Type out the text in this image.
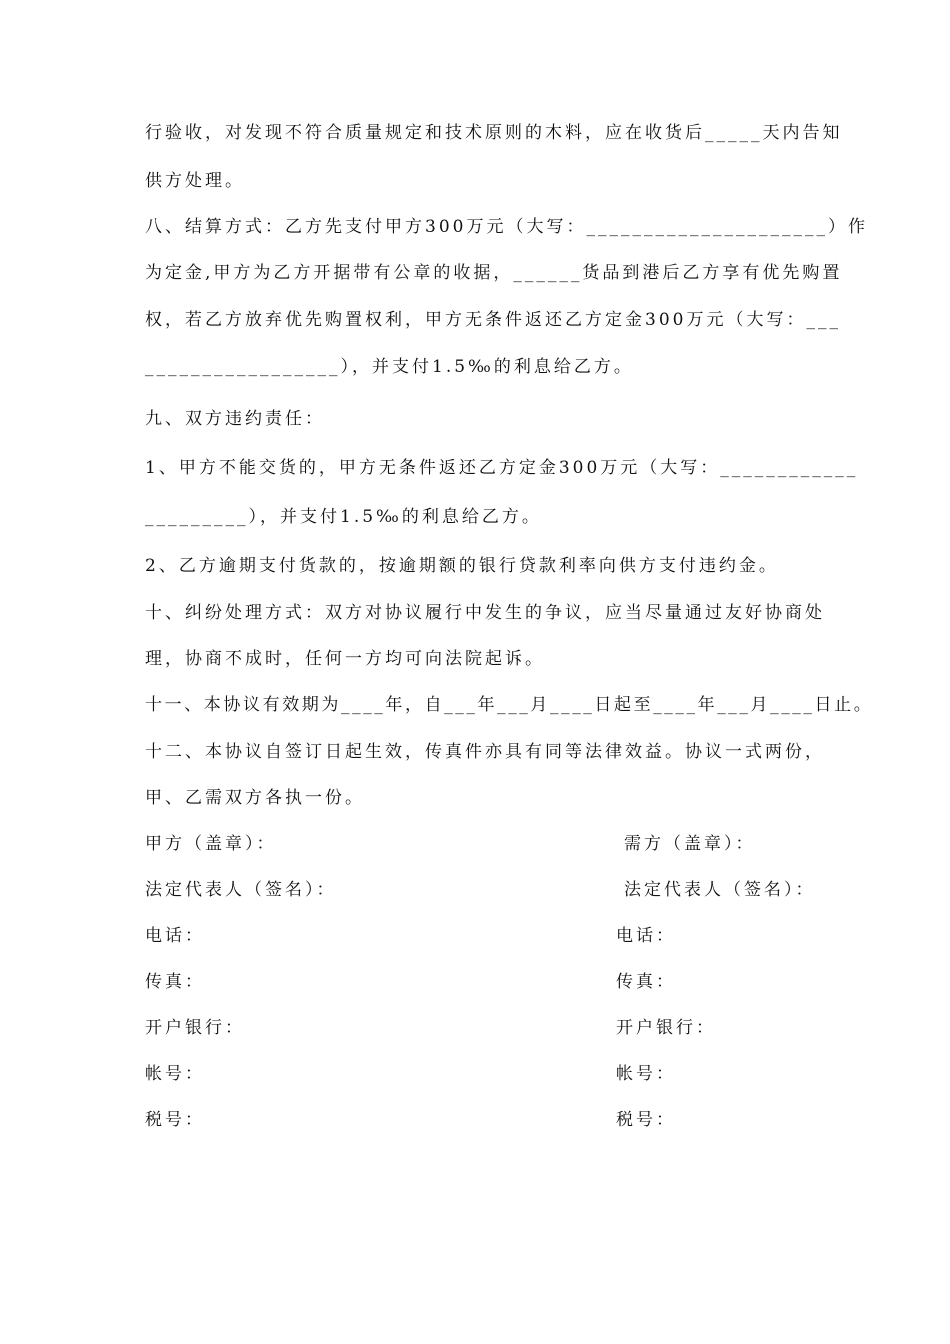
行验收，对发现不符合质量规定和技术原则的木料，应在收货后_____天内告知
供方处理。
八、结算方式：乙方先支付甲方300万元（大写：_____________________）作
为定金,甲方为乙方开据带有公章的收据，______货品到港后乙方享有优先购置
权，若乙方放弃优先购置权利，甲方无条件返还乙方定金300万元（大写：___
_________________），并支付1.5‰的利息给乙方。
九、双方违约责任：
1、甲方不能交货的，甲方无条件返还乙方定金300万元（大写：____________
_________），并支付1.5‰的利息给乙方。
2、乙方逾期支付货款的，按逾期额的银行贷款利率向供方支付违约金。
十、纠纷处理方式：双方对协议履行中发生的争议，应当尽量通过友好协商处
理，协商不成时，任何一方均可向法院起诉。
十一、本协议有效期为____年，自___年___月____日起至____年___月____日止。
十二、本协议自签订日起生效，传真件亦具有同等法律效益。协议一式两份，
甲、乙需双方各执一份。
甲方（盖章）：
法定代表人（签名）：
电话：
传真：
开户银行：
帐号：
税号：
需方（盖章）：
法定代表人（签名）：
电话：
传真：
开户银行：
帐号：
税号：
